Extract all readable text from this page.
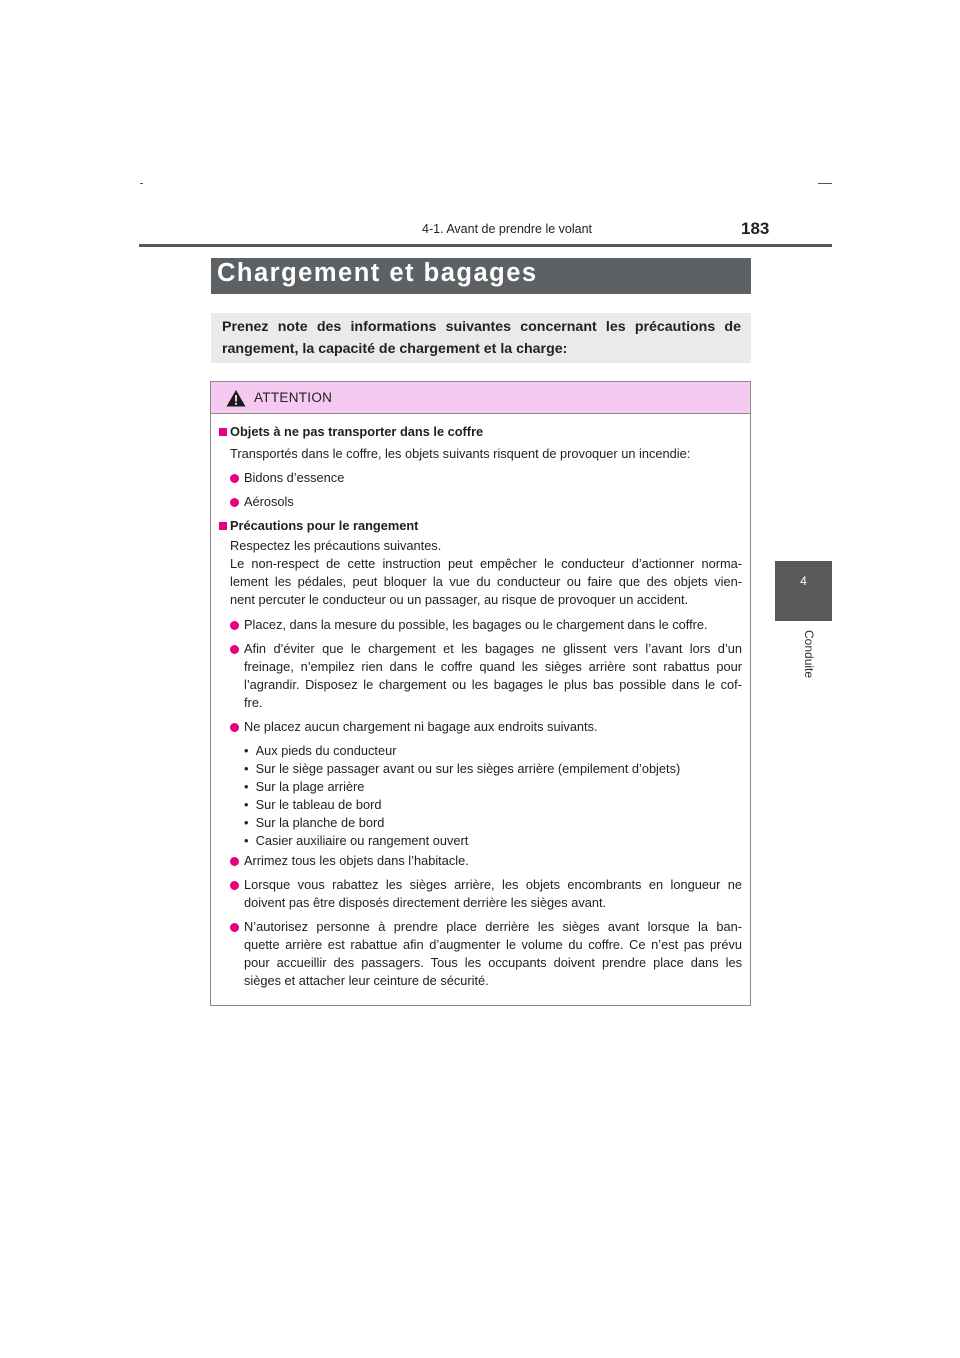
4-1. Avant de prendre le volant	183
4
Conduite
Chargement et bagages

Prenez note des informations suivantes concernant les précautions de rangement, la capacité de chargement et la charge:

ATTENTION
Objets à ne pas transporter dans le coffre
Transportés dans le coffre, les objets suivants risquent de provoquer un incendie:
Bidons d’essence
Aérosols
Précautions pour le rangement
Respectez les précautions suivantes.
Le non-respect de cette instruction peut empêcher le conducteur d’actionner norma-
lement les pédales, peut bloquer la vue du conducteur ou faire que des objets vien-
nent percuter le conducteur ou un passager, au risque de provoquer un accident.
Placez, dans la mesure du possible, les bagages ou le chargement dans le coffre.
Afin d’éviter que le chargement et les bagages ne glissent vers l’avant lors d’un
freinage, n’empilez rien dans le coffre quand les sièges arrière sont rabattus pour
l’agrandir. Disposez le chargement ou les bagages le plus bas possible dans le cof-
fre.
Ne placez aucun chargement ni bagage aux endroits suivants.
•  Aux pieds du conducteur
•  Sur le siège passager avant ou sur les sièges arrière (empilement d’objets)
•  Sur la plage arrière
•  Sur le tableau de bord
•  Sur la planche de bord
•  Casier auxiliaire ou rangement ouvert
Arrimez tous les objets dans l’habitacle.
Lorsque vous rabattez les sièges arrière, les objets encombrants en longueur ne
doivent pas être disposés directement derrière les sièges avant.
N’autorisez personne à prendre place derrière les sièges avant lorsque la ban-
quette arrière est rabattue afin d’augmenter le volume du coffre. Ce n’est pas prévu
pour accueillir des passagers. Tous les occupants doivent prendre place dans les
sièges et attacher leur ceinture de sécurité.
